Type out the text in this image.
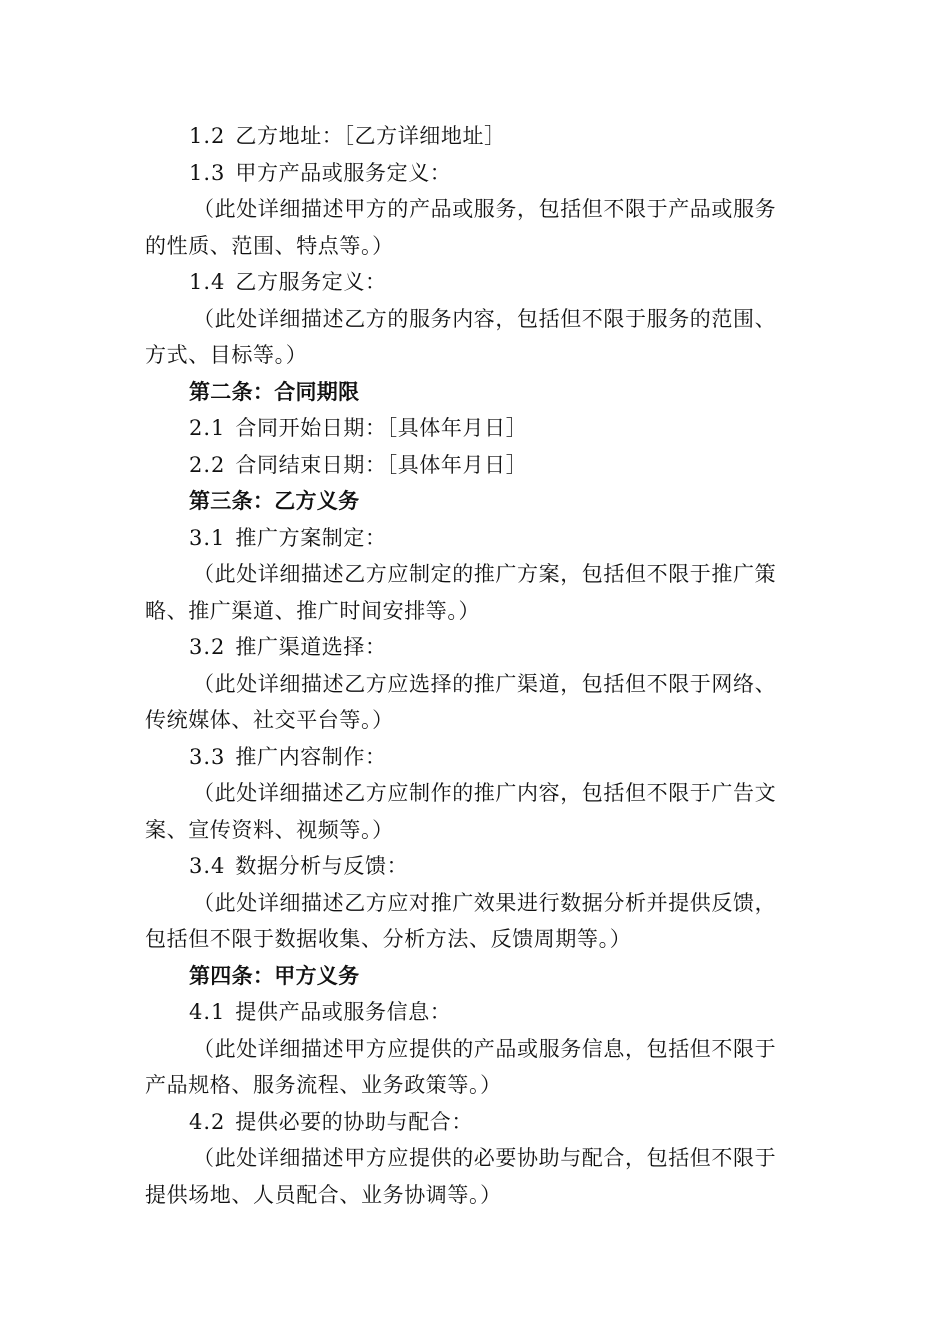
1.2 乙方地址：［乙方详细地址］

1.3 甲方产品或服务定义：

（此处详细描述甲方的产品或服务，包括但不限于产品或服务

的性质、范围、特点等。）

1.4 乙方服务定义：

（此处详细描述乙方的服务内容，包括但不限于服务的范围、

方式、目标等。）

第二条：合同期限

2.1 合同开始日期：［具体年月日］

2.2 合同结束日期：［具体年月日］

第三条：乙方义务

3.1 推广方案制定：

（此处详细描述乙方应制定的推广方案，包括但不限于推广策

略、推广渠道、推广时间安排等。）

3.2 推广渠道选择：

（此处详细描述乙方应选择的推广渠道，包括但不限于网络、

传统媒体、社交平台等。）

3.3 推广内容制作：

（此处详细描述乙方应制作的推广内容，包括但不限于广告文

案、宣传资料、视频等。）

3.4 数据分析与反馈：

（此处详细描述乙方应对推广效果进行数据分析并提供反馈，

包括但不限于数据收集、分析方法、反馈周期等。）

第四条：甲方义务

4.1 提供产品或服务信息：

（此处详细描述甲方应提供的产品或服务信息，包括但不限于

产品规格、服务流程、业务政策等。）

4.2 提供必要的协助与配合：

（此处详细描述甲方应提供的必要协助与配合，包括但不限于

提供场地、人员配合、业务协调等。）
